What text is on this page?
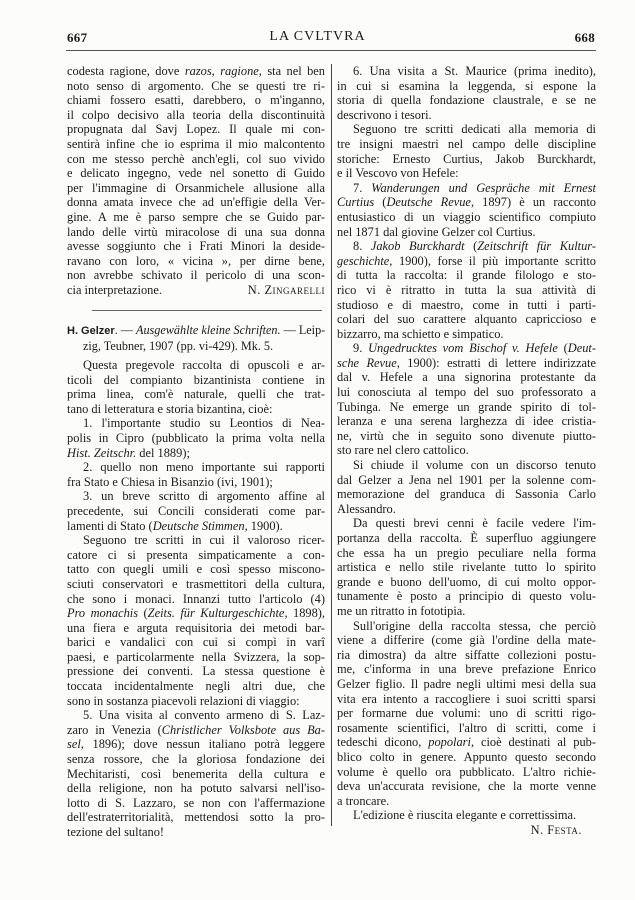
667	LA CVLTVRA	668
codesta ragione, dove razos, ragione, sta nel ben
noto senso di argomento. Che se questi tre ri-
chiami fossero esatti, darebbero, o m'inganno,
il colpo decisivo alla teoria della discontinuità
propugnata dal Savj Lopez. Il quale mi con-
sentirà infine che io esprima il mio malcontento
con me stesso perchè anch'egli, col suo vivido
e delicato ingegno, vede nel sonetto di Guido
per l'immagine di Orsanmichele allusione alla
donna amata invece che ad un'effigie della Ver-
gine. A me è parso sempre che se Guido par-
lando delle virtù miracolose di una sua donna
avesse soggiunto che i Frati Minori la deside-
ravano con loro, « vicina », per dirne bene,
non avrebbe schivato il pericolo di una scon-
cia interpretazione.	N. Zingarelli
H. Gelzer. — Ausgewählte kleine Schriften. — Leip-
zig, Teubner, 1907 (pp. vi-429). Mk. 5.
Questa pregevole raccolta di opuscoli e ar-
ticoli del compianto bizantinista contiene in
prima linea, com'è naturale, quelli che trat-
tano di letteratura e storia bizantina, cioè:
1. l'importante studio su Leontios di Nea-
polis in Cipro (pubblicato la prima volta nella
Hist. Zeitschr. del 1889);
2. quello non meno importante sui rapporti
fra Stato e Chiesa in Bisanzio (ivi, 1901);
3. un breve scritto di argomento affine al
precedente, sui Concili considerati come par-
lamenti di Stato (Deutsche Stimmen, 1900).
Seguono tre scritti in cui il valoroso ricer-
catore ci si presenta simpaticamente a con-
tatto con quegli umili e così spesso miscono-
sciuti conservatori e trasmettitori della cultura,
che sono i monaci. Innanzi tutto l'articolo (4)
Pro monachis (Zeits. für Kulturgeschichte, 1898),
una fiera e arguta requisitoria dei metodi bar-
barici e vandalici con cui si compì in varî
paesi, e particolarmente nella Svizzera, la sop-
pressione dei conventi. La stessa questione è
toccata incidentalmente negli altri due, che
sono in sostanza piacevoli relazioni di viaggio:
5. Una visita al convento armeno di S. Laz-
zaro in Venezia (Christlicher Volksbote aus Ba-
sel, 1896); dove nessun italiano potrà leggere
senza rossore, che la gloriosa fondazione dei
Mechitaristi, così benemerita della cultura e
della religione, non ha potuto salvarsi nell'iso-
lotto di S. Lazzaro, se non con l'affermazione
dell'estraterritorialità, mettendosi sotto la pro-
tezione del sultano!
6. Una visita a St. Maurice (prima inedito),
in cui si esamina la leggenda, si espone la
storia di quella fondazione claustrale, e se ne
descrivono i tesori.
Seguono tre scritti dedicati alla memoria di
tre insigni maestri nel campo delle discipline
storiche: Ernesto Curtius, Jakob Burckhardt,
e il Vescovo von Hefele:
7. Wanderungen und Gespräche mit Ernest
Curtius (Deutsche Revue, 1897) è un racconto
entusiastico di un viaggio scientifico compiuto
nel 1871 dal giovine Gelzer col Curtius.
8. Jakob Burckhardt (Zeitschrift für Kultur-
geschichte, 1900), forse il più importante scritto
di tutta la raccolta: il grande filologo e sto-
rico vi è ritratto in tutta la sua attività di
studioso e di maestro, come in tutti i parti-
colari del suo carattere alquanto capriccioso e
bizzarro, ma schietto e simpatico.
9. Ungedrucktes vom Bischof v. Hefele (Deut-
sche Revue, 1900): estratti di lettere indirizzate
dal v. Hefele a una signorina protestante da
lui conosciuta al tempo del suo professorato a
Tubinga. Ne emerge un grande spirito di tol-
leranza e una serena larghezza di idee cristia-
ne, virtù che in seguito sono divenute piutto-
sto rare nel clero cattolico.
Si chiude il volume con un discorso tenuto
dal Gelzer a Jena nel 1901 per la solenne com-
memorazione del granduca di Sassonia Carlo
Alessandro.
Da questi brevi cenni è facile vedere l'im-
portanza della raccolta. È superfluo aggiungere
che essa ha un pregio peculiare nella forma
artistica e nello stile rivelante tutto lo spirito
grande e buono dell'uomo, di cui molto oppor-
tunamente è posto a principio di questo volu-
me un ritratto in fototipia.
Sull'origine della raccolta stessa, che perciò
viene a differire (come già l'ordine della mate-
ria dimostra) da altre siffatte collezioni postu-
me, c'informa in una breve prefazione Enrico
Gelzer figlio. Il padre negli ultimi mesi della sua
vita era intento a raccogliere i suoi scritti sparsi
per formarne due volumi: uno di scritti rigo-
rosamente scientifici, l'altro di scritti, come i
tedeschi dicono, popolari, cioè destinati al pub-
blico colto in genere. Appunto questo secondo
volume è quello ora pubblicato. L'altro richie-
deva un'accurata revisione, che la morte venne
a troncare.
L'edizione è riuscita elegante e correttissima.
N. Festa.
